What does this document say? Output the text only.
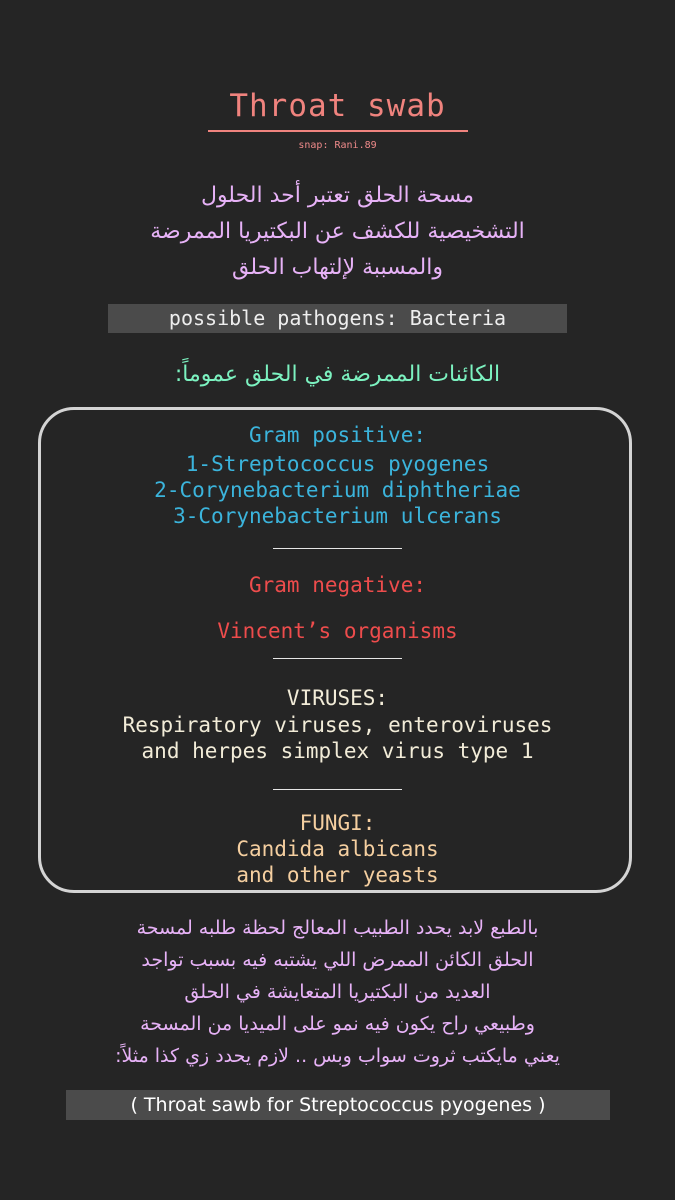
Throat swab
snap: Rani.89
مسحة الحلق تعتبر أحد الحلول
التشخيصية للكشف عن البكتيريا الممرضة
والمسببة لإلتهاب الحلق
possible pathogens: Bacteria
الكائنات الممرضة في الحلق عموماً:
Gram positive:
1-Streptococcus pyogenes
2-Corynebacterium diphtheriae
3-Corynebacterium ulcerans
Gram negative:
Vincent’s organisms
VIRUSES:
Respiratory viruses, enteroviruses
and herpes simplex virus type 1
FUNGI:
Candida albicans
and other yeasts
بالطبع لابد يحدد الطبيب المعالج لحظة طلبه لمسحة
الحلق الكائن الممرض اللي يشتبه فيه بسبب تواجد
العديد من البكتيريا المتعايشة في الحلق
وطبيعي راح يكون فيه نمو على الميديا من المسحة
يعني مايكتب ثروت سواب وبس .. لازم يحدد زي كذا مثلاً:
( Throat sawb for Streptococcus pyogenes )
